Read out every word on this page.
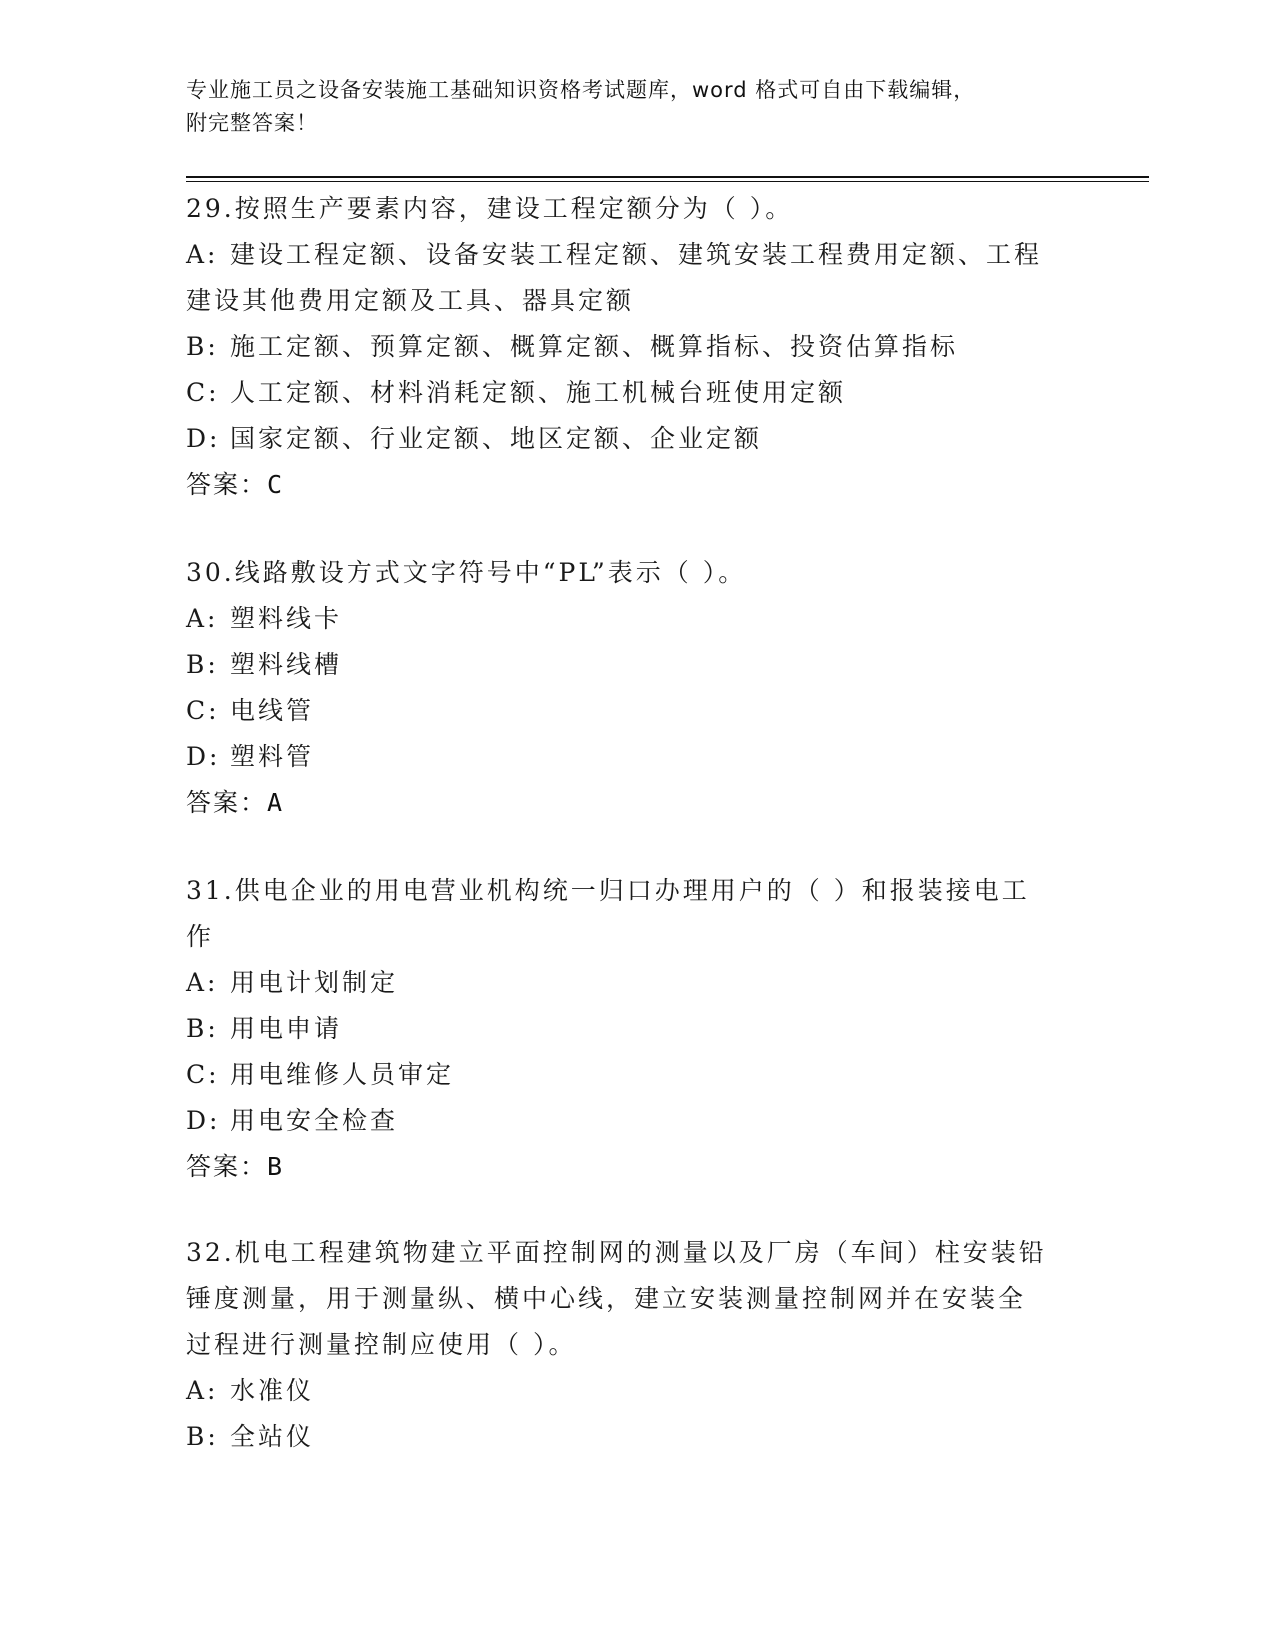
专业施工员之设备安装施工基础知识资格考试题库，word 格式可自由下载编辑，
附完整答案！

29.按照生产要素内容，建设工程定额分为（ ）。

A: 建设工程定额、设备安装工程定额、建筑安装工程费用定额、工程
建设其他费用定额及工具、器具定额
B: 施工定额、预算定额、概算定额、概算指标、投资估算指标
C: 人工定额、材料消耗定额、施工机械台班使用定额
D: 国家定额、行业定额、地区定额、企业定额

答案：C

30.线路敷设方式文字符号中“PL”表示（ ）。

A: 塑料线卡
B: 塑料线槽
C: 电线管
D: 塑料管

答案：A

31.供电企业的用电营业机构统一归口办理用户的（ ）和报装接电工

作

A: 用电计划制定
B: 用电申请
C: 用电维修人员审定
D: 用电安全检查

答案：B

32.机电工程建筑物建立平面控制网的测量以及厂房（车间）柱安装铅

锤度测量，用于测量纵、横中心线，建立安装测量控制网并在安装全

过程进行测量控制应使用（ ）。

A: 水准仪
B: 全站仪
